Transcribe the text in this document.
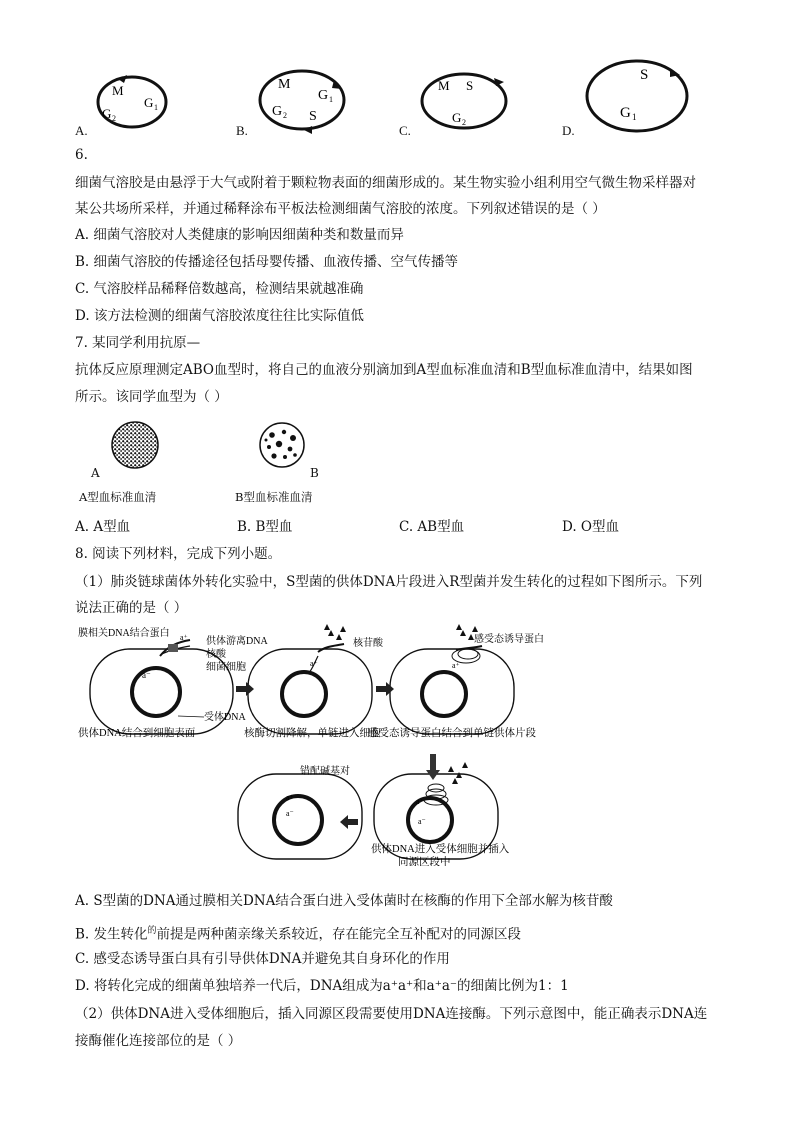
M
G 1
G 2
A.
M
G 1
G 2 S
B.
M S
G 2
C.
S
G 1
D.
6.
细菌气溶胶是由悬浮于大气或附着于颗粒物表面的细菌形成的。某生物实验小组利用空气微生物采样器对
某公共场所采样，并通过稀释涂布平板法检测细菌气溶胶的浓度。下列叙述错误的是（ ）
A. 细菌气溶胶对人类健康的影响因细菌种类和数量而异
B. 细菌气溶胶的传播途径包括母婴传播、血液传播、空气传播等
C. 气溶胶样品稀释倍数越高，检测结果就越准确
D. 该方法检测的细菌气溶胶浓度往往比实际值低
7. 某同学利用抗原—
抗体反应原理测定ABO血型时，将自己的血液分别滴加到A型血标准血清和B型血标准血清中，结果如图
所示。该同学血型为（ ）
A	B
A型血标准血清	B型血标准血清
A. A型血	B. B型血	C. AB型血	D. O型血
8. 阅读下列材料，完成下列小题。
（1）肺炎链球菌体外转化实验中，S型菌的供体DNA片段进入R型菌并发生转化的过程如下图所示。下列
说法正确的是（ ）
a⁻
a⁺
a⁺	a⁺
膜相关DNA结合蛋白
供体游离DNA
核酸
细菌细胞
受体DNA
核苷酸	感受态诱导蛋白
供体DNA结合到细胞表面	核酶切割降解，单链进入细胞
感受态诱导蛋白结合到单链供体片段
a⁺
a⁻
错配碱基对
a⁺
a⁻
供体DNA进入受体细胞并插入
同源区段中
A. S型菌的DNA通过膜相关DNA结合蛋白进入受体菌时在核酶的作用下全部水解为核苷酸
B. 发生转化$^的$前提是两种菌亲缘关系较近，存在能完全互补配对的同源区段
C. 感受态诱导蛋白具有引导供体DNA并避免其自身环化的作用
D. 将转化完成的细菌单独培养一代后，DNA组成为a⁺a⁺和a⁺a⁻的细菌比例为1：1
（2）供体DNA进入受体细胞后，插入同源区段需要使用DNA连接酶。下列示意图中，能正确表示DNA连
接酶催化连接部位的是（ ）
